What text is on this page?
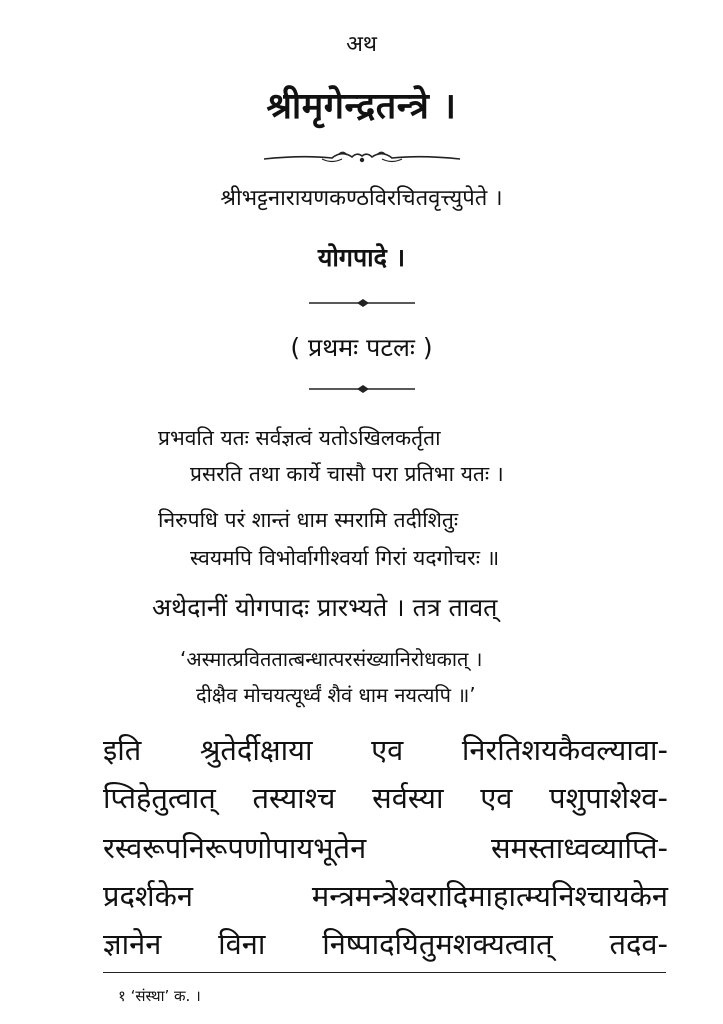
अथ
श्रीमृगेन्द्रतन्त्रे ।
श्रीभट्टनारायणकण्ठविरचितवृत्त्युपेते ।
योगपादे ।
( प्रथमः पटलः )
प्रभवति यतः सर्वज्ञत्वं यतोऽखिलकर्तृता
प्रसरति तथा कार्ये चासौ परा प्रतिभा यतः ।
निरुपधि परं शान्तं धाम स्मरामि तदीशितुः
स्वयमपि विभोर्वागीश्वर्या गिरां यदगोचरः ॥
अथेदानीं योगपादः प्रारभ्यते । तत्र तावत्
‘अस्मात्प्रविततात्बन्धात्परसंख्यानिरोधकात् ।
दीक्षैव मोचयत्यूर्ध्वं शैवं धाम नयत्यपि ॥’
इति श्रुतेर्दीक्षाया एव निरतिशयकैवल्यावा-
प्तिहेतुत्वात् तस्याश्च सर्वस्या एव पशुपाशेश्व-
रस्वरूपनिरूपणोपायभूतेन	समस्ताध्वव्याप्ति-
प्रदर्शकेन	मन्त्रमन्त्रेश्वरादिमाहात्म्यनिश्चायकेन
ज्ञानेन विना निष्पादयितुमशक्यत्वात् तदव-
१ ‘संस्था’ क. ।
